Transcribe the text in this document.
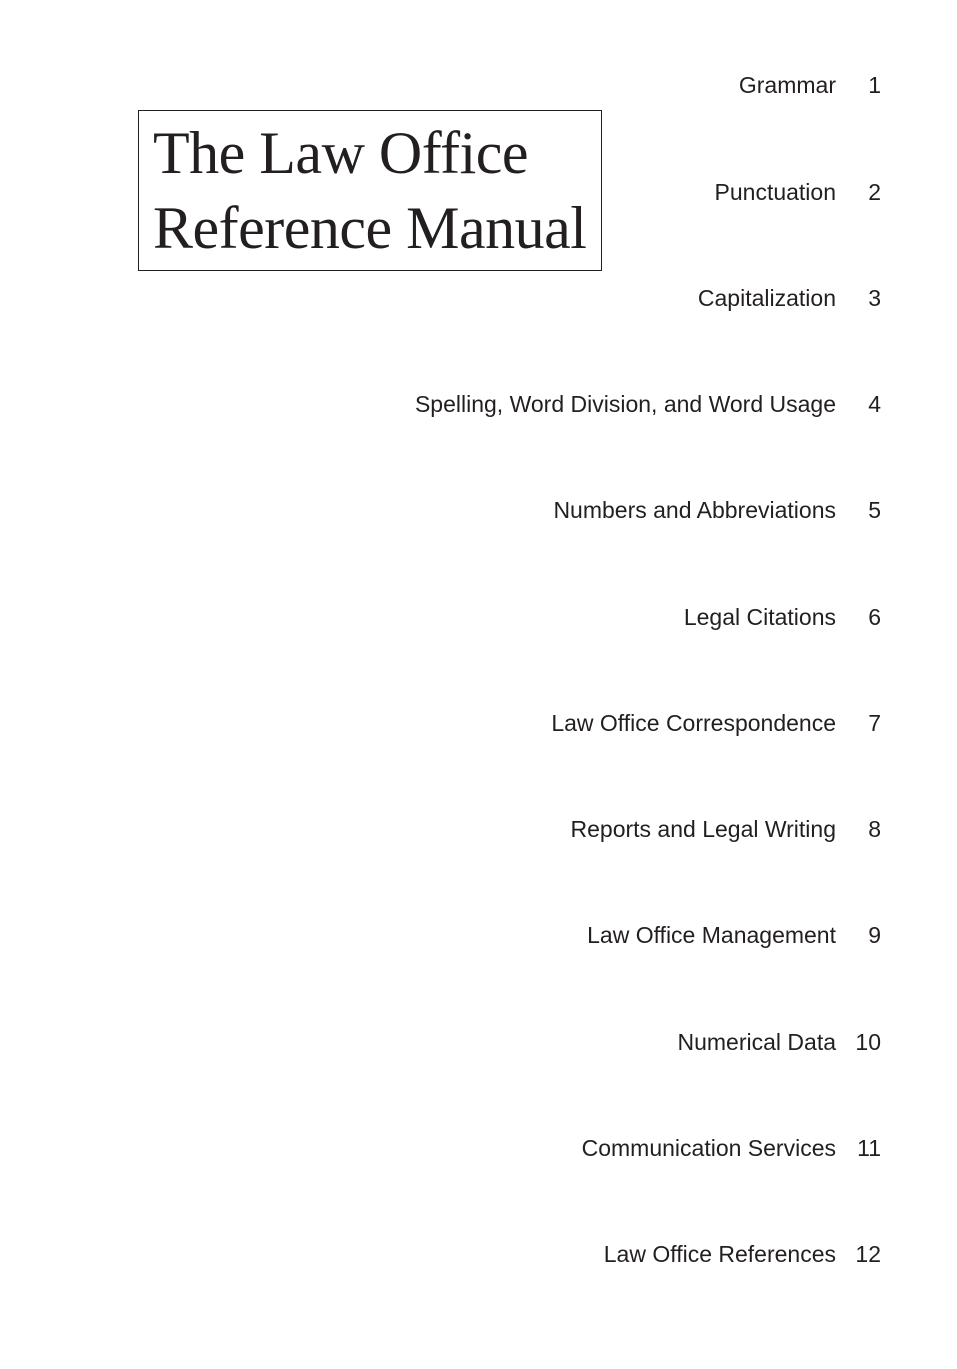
The Law Office
Reference Manual
Grammar 1
Punctuation 2
Capitalization 3
Spelling, Word Division, and Word Usage 4
Numbers and Abbreviations 5
Legal Citations 6
Law Office Correspondence 7
Reports and Legal Writing 8
Law Office Management 9
Numerical Data 10
Communication Services 11
Law Office References 12
